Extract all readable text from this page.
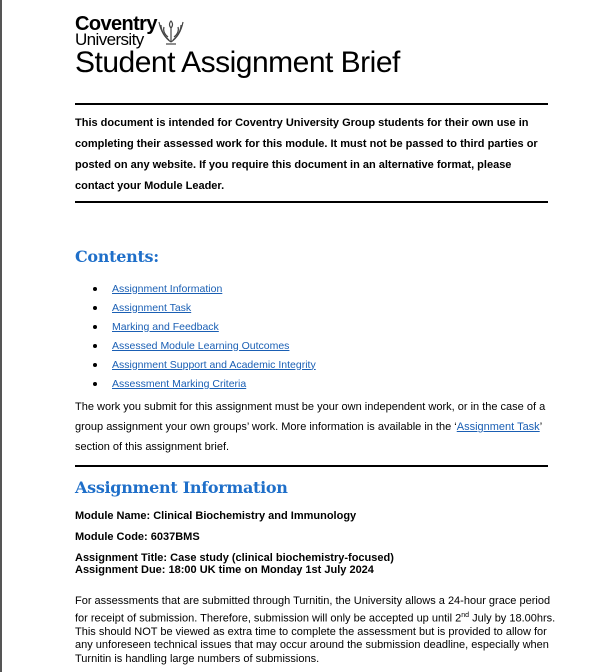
Coventry
University
Student Assignment Brief
This document is intended for Coventry University Group students for their own use in completing their assessed work for this module. It must not be passed to third parties or posted on any website. If you require this document in an alternative format, please contact your Module Leader.
Contents:
Assignment Information
Assignment Task
Marking and Feedback
Assessed Module Learning Outcomes
Assignment Support and Academic Integrity
Assessment Marking Criteria
The work you submit for this assignment must be your own independent work, or in the case of a group assignment your own groups’ work. More information is available in the ‘Assignment Task’ section of this assignment brief.
Assignment Information
Module Name: Clinical Biochemistry and Immunology
Module Code: 6037BMS
Assignment Title: Case study (clinical biochemistry-focused)
Assignment Due: 18:00 UK time on Monday 1st July 2024
For assessments that are submitted through Turnitin, the University allows a 24-hour grace period for receipt of submission. Therefore, submission will only be accepted up until 2nd July by 18.00hrs. This should NOT be viewed as extra time to complete the assessment but is provided to allow for any unforeseen technical issues that may occur around the submission deadline, especially when Turnitin is handling large numbers of submissions.
